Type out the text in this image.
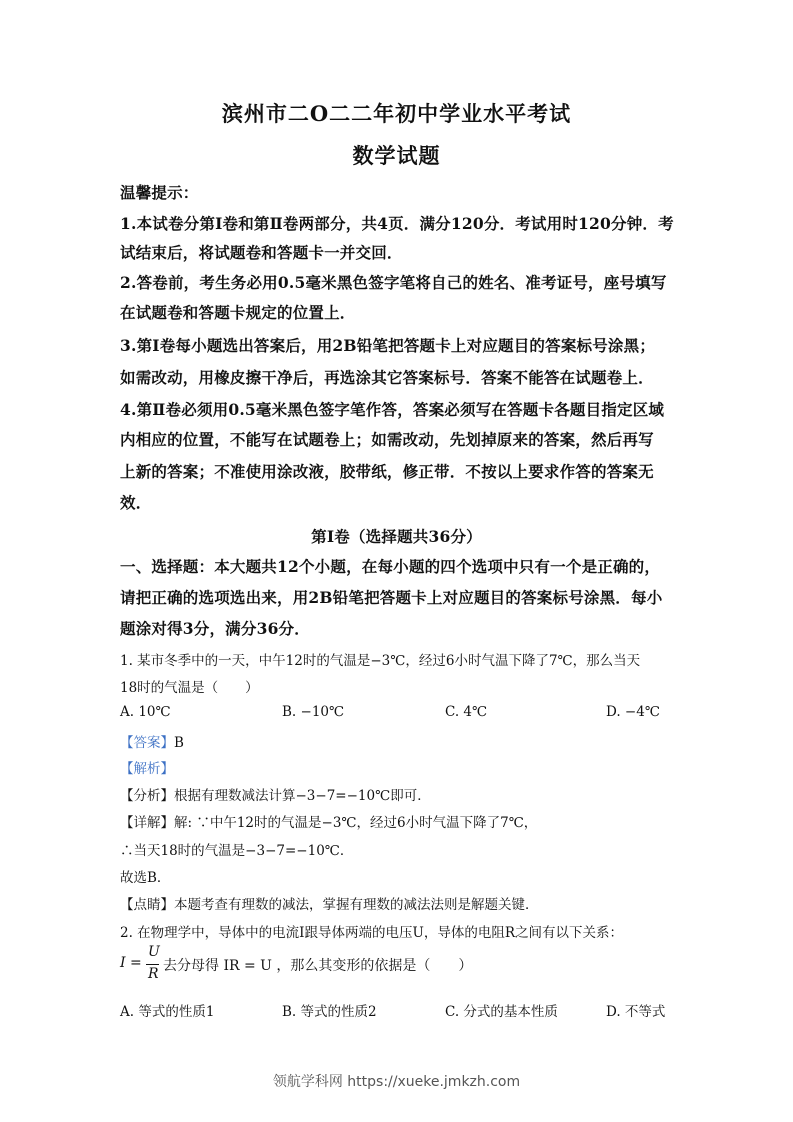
滨州市二O二二年初中学业水平考试
数学试题
温馨提示：
1.本试卷分第Ⅰ卷和第Ⅱ卷两部分，共4页．满分120分．考试用时120分钟．考
试结束后，将试题卷和答题卡一并交回．
2.答卷前，考生务必用0.5毫米黑色签字笔将自己的姓名、准考证号，座号填写
在试题卷和答题卡规定的位置上．
3.第Ⅰ卷每小题选出答案后，用2B铅笔把答题卡上对应题目的答案标号涂黑；
如需改动，用橡皮擦干净后，再选涂其它答案标号．答案不能答在试题卷上．
4.第Ⅱ卷必须用0.5毫米黑色签字笔作答，答案必须写在答题卡各题目指定区域
内相应的位置，不能写在试题卷上；如需改动，先划掉原来的答案，然后再写
上新的答案；不准使用涂改液，胶带纸，修正带．不按以上要求作答的答案无
效．
第Ⅰ卷（选择题共36分）
一、选择题：本大题共12个小题，在每小题的四个选项中只有一个是正确的，
请把正确的选项选出来，用2B铅笔把答题卡上对应题目的答案标号涂黑．每小
题涂对得3分，满分36分．
1. 某市冬季中的一天，中午12时的气温是−3℃，经过6小时气温下降了7℃，那么当天
18时的气温是（　　）
A. 10℃	B. −10℃	C. 4℃	D. −4℃
【答案】B
【解析】
【分析】根据有理数减法计算−3−7=−10℃即可．
【详解】解: ∵中午12时的气温是−3℃，经过6小时气温下降了7℃，
∴当天18时的气温是−3−7=−10℃．
故选B．
【点睛】本题考查有理数的减法，掌握有理数的减法法则是解题关键．
2. 在物理学中，导体中的电流Ⅰ跟导体两端的电压U，导体的电阻R之间有以下关系：
I =
U
R 去分母得 IR = U ，那么其变形的依据是（　　）
A. 等式的性质1	B. 等式的性质2	C. 分式的基本性质	D. 不等式
领航学科网 https://xueke.jmkzh.com
